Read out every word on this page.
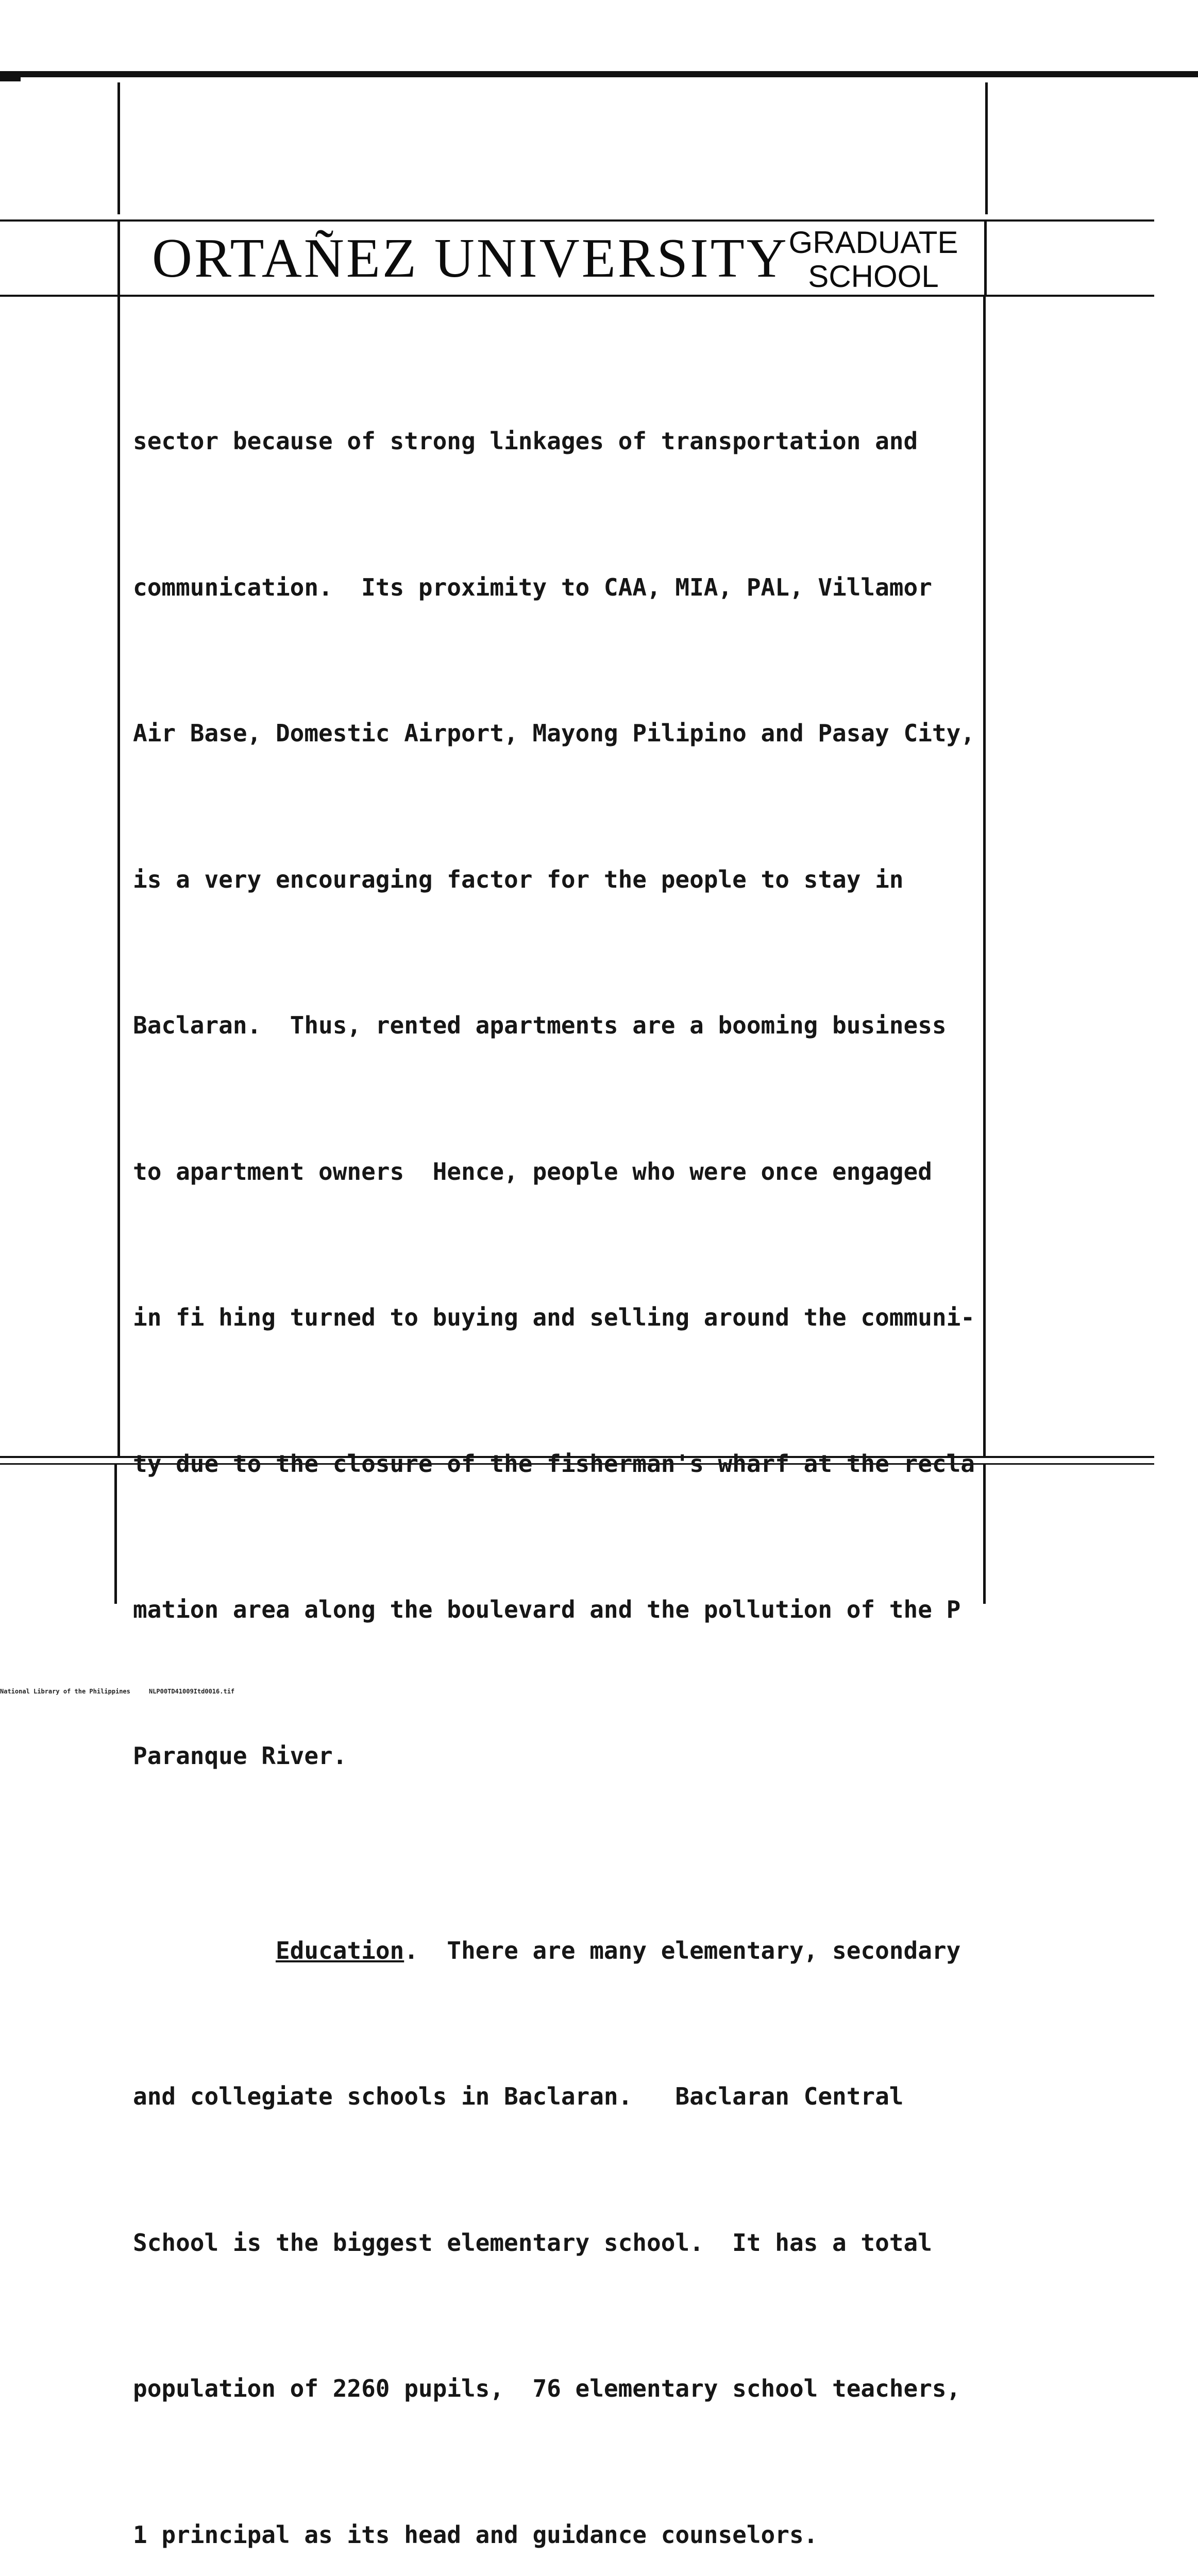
ORTAÑEZ UNIVERSITY GRADUATE
SCHOOL

sector because of strong linkages of transportation and

communication.  Its proximity to CAA, MIA, PAL, Villamor

Air Base, Domestic Airport, Mayong Pilipino and Pasay City,

is a very encouraging factor for the people to stay in

Baclaran.  Thus, rented apartments are a booming business

to apartment owners  Hence, people who were once engaged

in fi hing turned to buying and selling around the communi-

ty due to the closure of the fisherman's wharf at the recla

mation area along the boulevard and the pollution of the P

Paranque River.

Education.  There are many elementary, secondary

and collegiate schools in Baclaran.   Baclaran Central

School is the biggest elementary school.  It has a total

population of 2260 pupils,  76 elementary school teachers,

1 principal as its head and guidance counselors.

National Library of the Philippines     NLP00TD41009Itd0016.tif
